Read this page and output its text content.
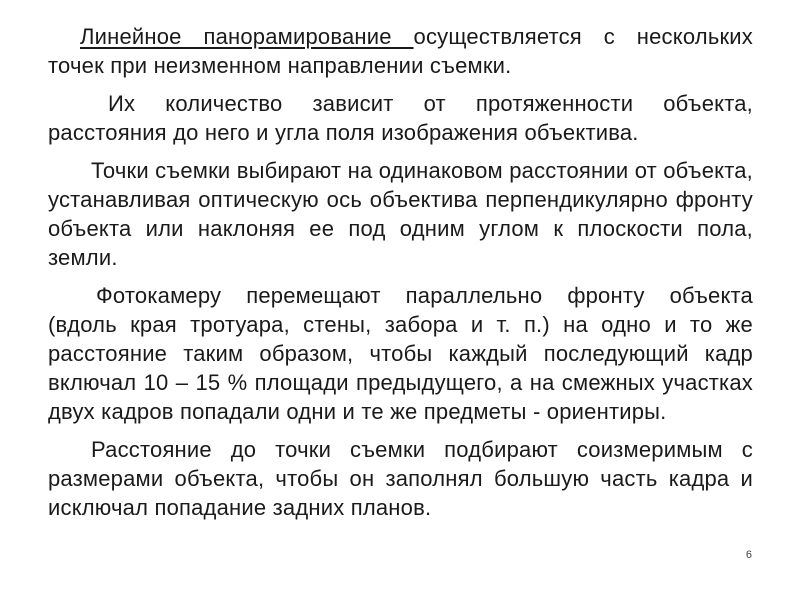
Линейное панорамирование осуществляется с нескольких точек при неизменном направлении съемки.

Их количество зависит от протяженности объекта, расстояния до него и угла поля изображения объектива.

Точки съемки выбирают на одинаковом расстоянии от объекта, устанавливая оптическую ось объектива перпендикулярно фронту объекта или наклоняя ее под одним углом к плоскости пола, земли.

Фотокамеру перемещают параллельно фронту объекта (вдоль края тротуара, стены, забора и т. п.) на одно и то же расстояние таким образом, чтобы каждый последующий кадр включал 10 – 15 % площади предыдущего, а на смежных участках двух кадров попадали одни и те же предметы - ориентиры.

Расстояние до точки съемки подбирают соизмеримым с размерами объекта, чтобы он заполнял большую часть кадра и исключал попадание задних планов.

6
